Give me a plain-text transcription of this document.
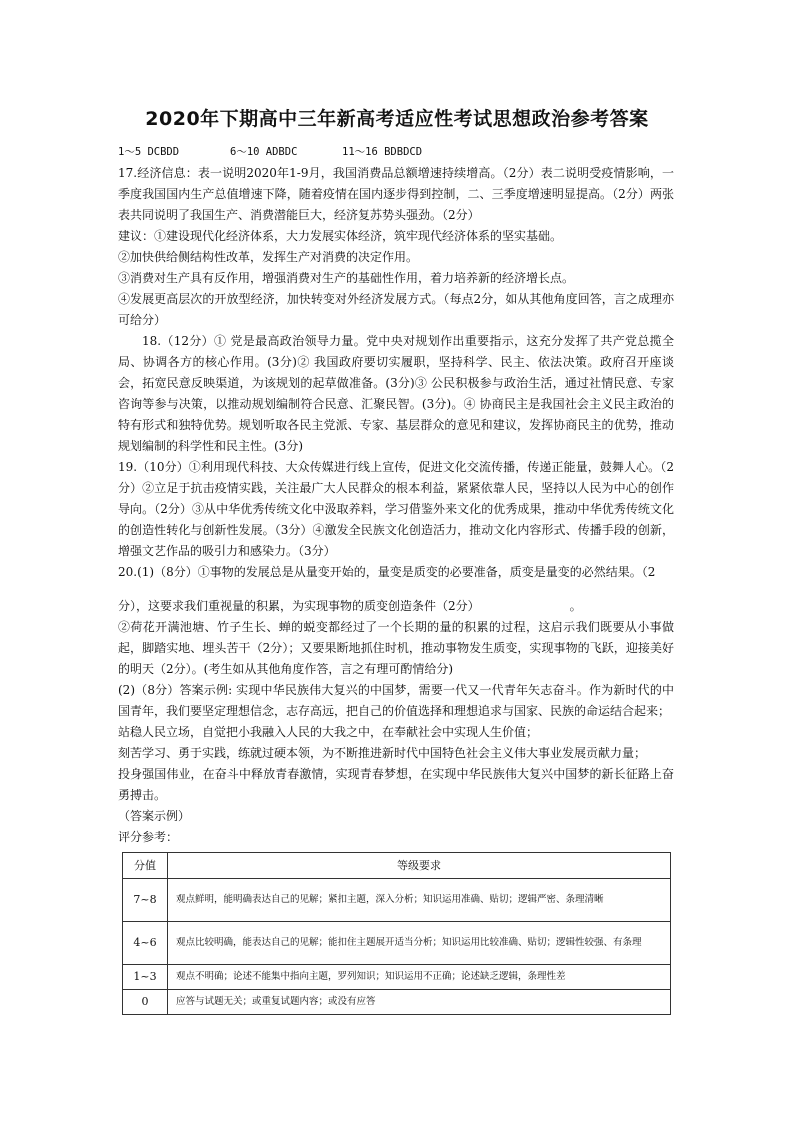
2020年下期高中三年新高考适应性考试思想政治参考答案
1～5 DCBDD	6～10 ADBDC	11～16 BDBDCD

17.经济信息：表一说明2020年1-9月，我国消费品总额增速持续增高。（2分）表二说明受疫情影响，一季度我国国内生产总值增速下降，随着疫情在国内逐步得到控制，二、三季度增速明显提高。（2分）两张表共同说明了我国生产、消费潜能巨大，经济复苏势头强劲。（2分）

建议：①建设现代化经济体系，大力发展实体经济，筑牢现代经济体系的坚实基础。

②加快供给侧结构性改革，发挥生产对消费的决定作用。

③消费对生产具有反作用，增强消费对生产的基础性作用，着力培养新的经济增长点。

④发展更高层次的开放型经济，加快转变对外经济发展方式。（每点2分，如从其他角度回答，言之成理亦可给分）

18.（12分）① 党是最高政治领导力量。党中央对规划作出重要指示，这充分发挥了共产党总揽全局、协调各方的核心作用。(3分)② 我国政府要切实履职，坚持科学、民主、依法决策。政府召开座谈会，拓宽民意反映渠道，为该规划的起草做准备。(3分)③ 公民积极参与政治生活，通过社情民意、专家咨询等参与决策，以推动规划编制符合民意、汇聚民智。(3分)。④ 协商民主是我国社会主义民主政治的特有形式和独特优势。规划听取各民主党派、专家、基层群众的意见和建议，发挥协商民主的优势，推动规划编制的科学性和民主性。(3分)

19.（10分）①利用现代科技、大众传媒进行线上宣传，促进文化交流传播，传递正能量，鼓舞人心。（2分）②立足于抗击疫情实践，关注最广大人民群众的根本利益，紧紧依靠人民，坚持以人民为中心的创作导向。（2分）③从中华优秀传统文化中汲取养料，学习借鉴外来文化的优秀成果，推动中华优秀传统文化的创造性转化与创新性发展。（3分）④激发全民族文化创造活力，推动文化内容形式、传播手段的创新，增强文艺作品的吸引力和感染力。（3分）

20.(1)（8分）①事物的发展总是从量变开始的，量变是质变的必要准备，质变是量变的必然结果。（2

分），这要求我们重视量的积累，为实现事物的质变创造条件（2分）	。

②荷花开满池塘、竹子生长、蝉的蜕变都经过了一个长期的量的积累的过程，这启示我们既要从小事做起，脚踏实地、埋头苦干（2分）；又要果断地抓住时机，推动事物发生质变，实现事物的飞跃，迎接美好的明天（2分）。(考生如从其他角度作答，言之有理可酌情给分)

(2)（8分）答案示例: 实现中华民族伟大复兴的中国梦，需要一代又一代青年矢志奋斗。作为新时代的中国青年，我们要坚定理想信念，志存高远，把自己的价值选择和理想追求与国家、民族的命运结合起来；

站稳人民立场，自觉把小我融入人民的大我之中，在奉献社会中实现人生价值；

刻苦学习、勇于实践，练就过硬本领，为不断推进新时代中国特色社会主义伟大事业发展贡献力量；

投身强国伟业，在奋斗中释放青春激情，实现青春梦想，在实现中华民族伟大复兴中国梦的新长征路上奋勇搏击。

（答案示例）

评分参考：

分值	等级要求
7~8	观点鲜明，能明确表达自己的见解；紧扣主题，深入分析；知识运用准确、贴切；逻辑严密、条理清晰
4~6	观点比较明确，能表达自己的见解；能扣住主题展开适当分析；知识运用比较准确、贴切；逻辑性较强、有条理
1~3	观点不明确；论述不能集中指向主题，罗列知识；知识运用不正确；论述缺乏逻辑，条理性差
0	应答与试题无关；或重复试题内容；或没有应答
